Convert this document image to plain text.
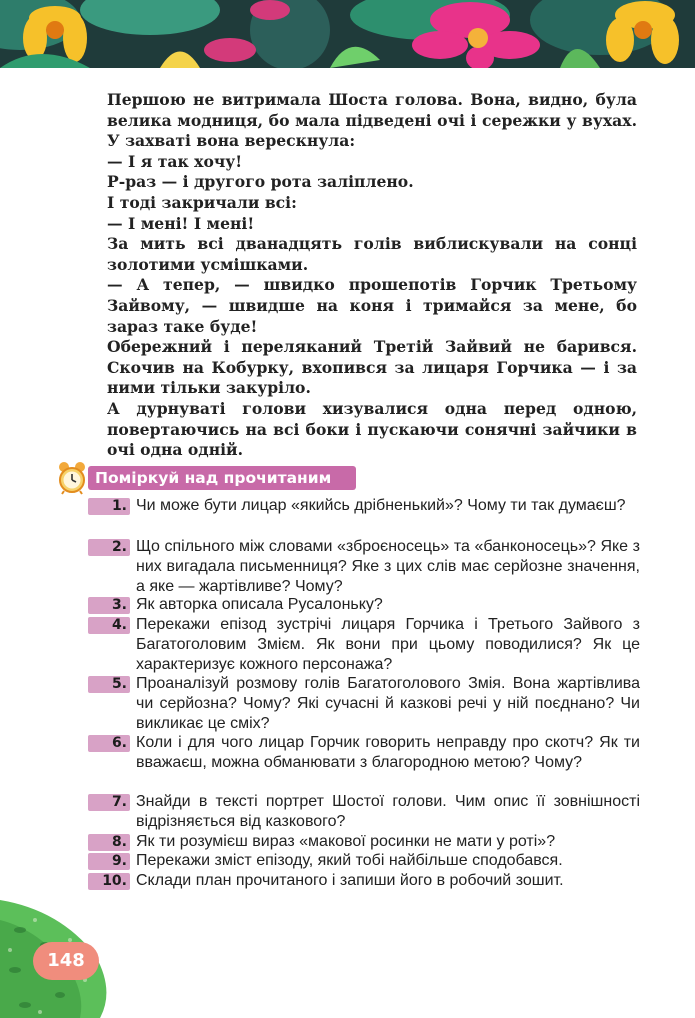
Першою не витримала Шоста голова. Вона, видно, була велика модниця, бо мала підведені очі і сережки у вухах. У захваті вона верескнула:

— І я так хочу!

Р-раз — і другого рота заліплено.

І тоді закричали всі:

— І мені! І мені!

За мить всі дванадцять голів виблискували на сонці золотими усмішками.

— А тепер, — швидко прошепотів Горчик Третьому Зайвому, — швидше на коня і тримайся за мене, бо зараз таке буде!

Обережний і переляканий Третій Зайвий не барився. Скочив на Кобурку, вхопився за лицаря Горчика — і за ними тільки закуріло.

А дурнуваті голови хизувалися одна перед одною, повертаючись на всі боки і пускаючи сонячні зайчики в очі одна одній.

Поміркуй над прочитаним
1. Чи може бути лицар «якийсь дрібненький»? Чому ти так думаєш?
2. Що спільного між словами «зброєносець» та «банконосець»? Яке з них вигадала письменниця? Яке з цих слів має серйозне значення, а яке — жартівливе? Чому?
3. Як авторка описала Русалоньку?
4. Перекажи епізод зустрічі лицаря Горчика і Третього Зайвого з Багатоголовим Змієм. Як вони при цьому поводилися? Як це характеризує кожного персонажа?
5. Проаналізуй розмову голів Багатоголового Змія. Вона жартівлива чи серйозна? Чому? Які сучасні й казкові речі у ній поєднано? Чи викликає це сміх?
6. Коли і для чого лицар Горчик говорить неправду про скотч? Як ти вважаєш, можна обманювати з благородною метою? Чому?
7. Знайди в тексті портрет Шостої голови. Чим опис її зовнішності відрізняється від казкового?
8. Як ти розумієш вираз «макової росинки не мати у роті»?
9. Перекажи зміст епізоду, який тобі найбільше сподобався.
10. Склади план прочитаного і запиши його в робочий зошит.
148
